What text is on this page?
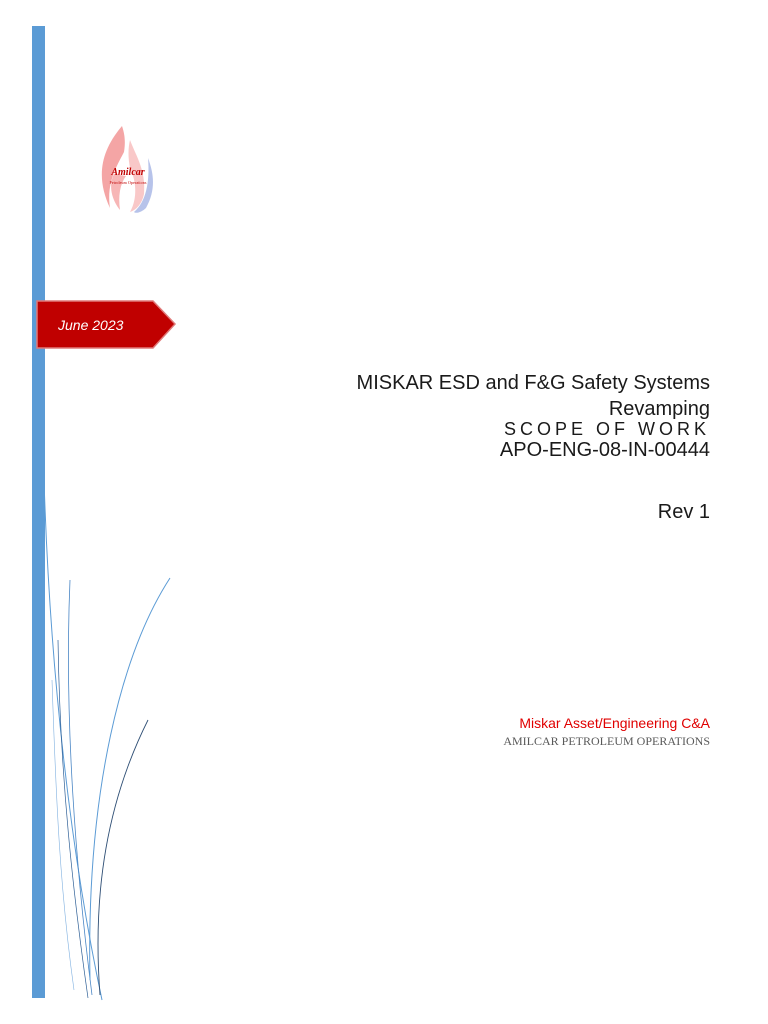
Amilcar
Petroleum Operations
June 2023
MISKAR ESD and F&G Safety Systems
Revamping
SCOPE OF WORK
APO-ENG-08-IN-00444
Rev 1
Miskar Asset/Engineering C&A
AMILCAR PETROLEUM OPERATIONS
